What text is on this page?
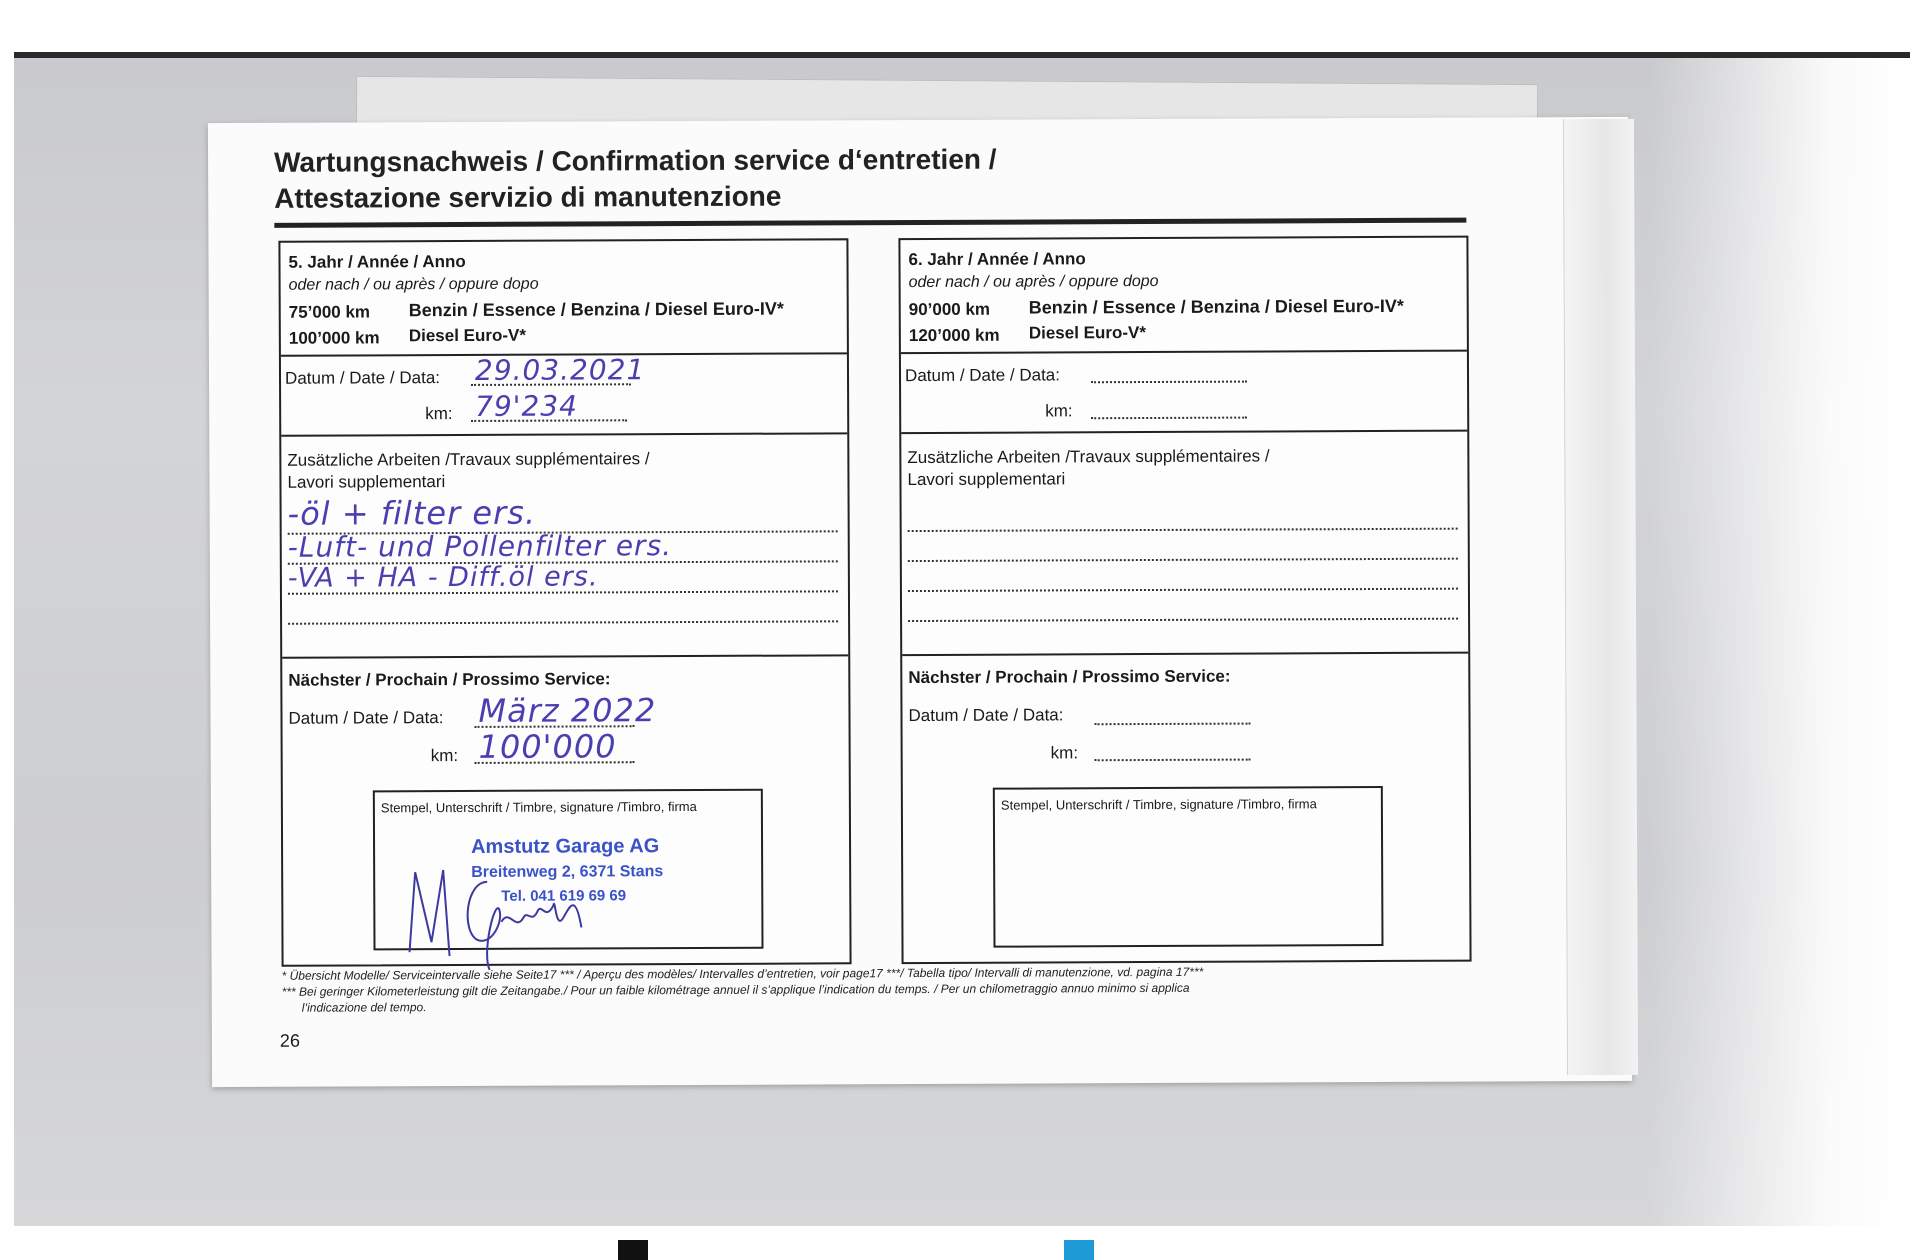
Wartungsnachweis / Confirmation service d‘entretien /
Attestazione servizio di manutenzione
5. Jahr / Année / Anno
oder nach / ou après / oppure dopo
75’000 km Benzin / Essence / Benzina / Diesel Euro-IV*
100’000 km Diesel Euro-V*
Datum / Date / Data: 29.03.2021
km: 79'234
Zusätzliche Arbeiten /Travaux supplémentaires /
Lavori supplementari
-öl + filter ers.
-Luft- und Pollenfilter ers.
-VA + HA - Diff.öl ers.
Nächster / Prochain / Prossimo Service:
Datum / Date / Data: März 2022
km: 100'000
Stempel, Unterschrift / Timbre, signature /Timbro, firma
Amstutz Garage AG
Breitenweg 2, 6371 Stans
Tel. 041 619 69 69
6. Jahr / Année / Anno
oder nach / ou après / oppure dopo
90’000 km Benzin / Essence / Benzina / Diesel Euro-IV*
120’000 km Diesel Euro-V*
Datum / Date / Data:
km:
Zusätzliche Arbeiten /Travaux supplémentaires /
Lavori supplementari
Nächster / Prochain / Prossimo Service:
Datum / Date / Data:
km:
Stempel, Unterschrift / Timbre, signature /Timbro, firma
* Übersicht Modelle/ Serviceintervalle siehe Seite17 *** / Aperçu des modèles/ Intervalles d’entretien, voir page17 ***/ Tabella tipo/ Intervalli di manutenzione, vd. pagina 17***
*** Bei geringer Kilometerleistung gilt die Zeitangabe./ Pour un faible kilométrage annuel il s’applique l’indication du temps. / Per un chilometraggio annuo minimo si applica
l’indicazione del tempo.
26
